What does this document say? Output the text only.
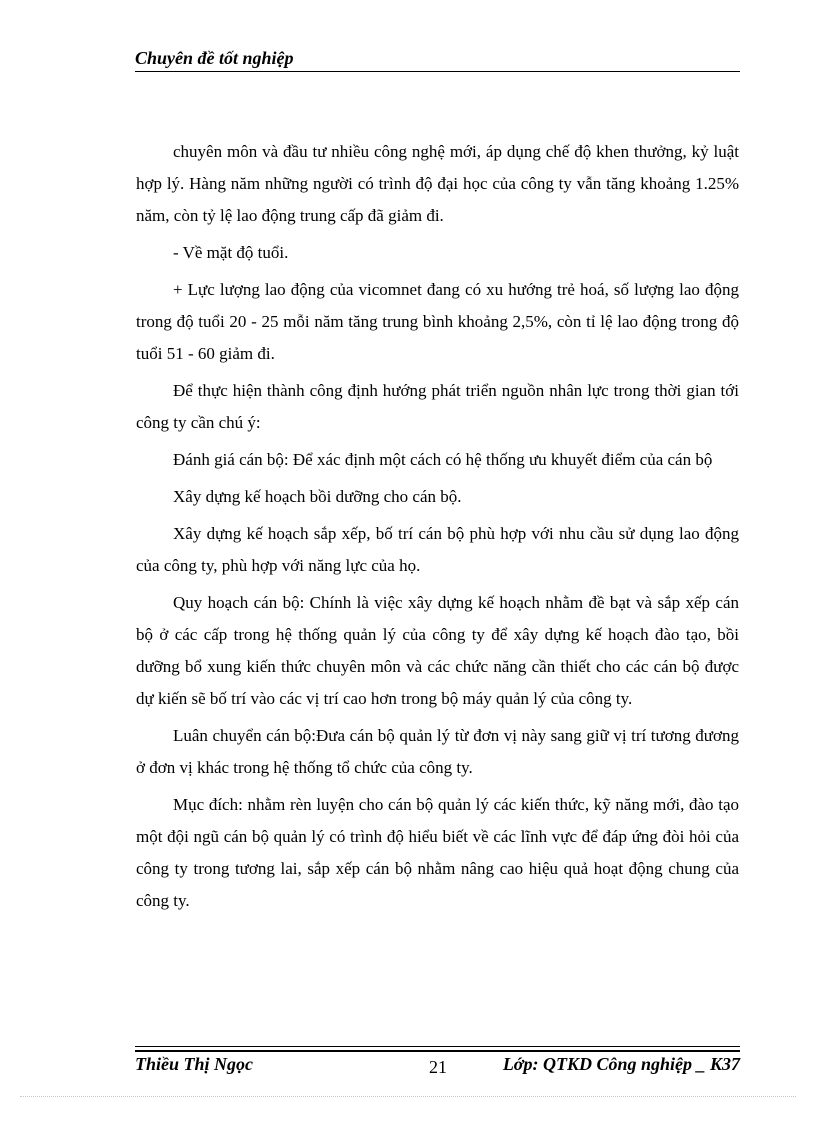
Chuyên đề tốt nghiệp

chuyên môn và đầu tư nhiều công nghệ mới, áp dụng chế độ khen thưởng, kỷ luật hợp lý. Hàng năm những người có trình độ đại học của công ty vẫn tăng khoảng 1.25% năm, còn tỷ lệ lao động trung cấp đã giảm đi.

- Về mặt độ tuổi.

+ Lực lượng lao động của vicomnet đang có xu hướng trẻ hoá, số lượng lao động trong độ tuổi 20 - 25 mỗi năm tăng trung bình khoảng 2,5%, còn tỉ lệ lao động trong độ tuổi 51 - 60 giảm đi.

Để thực hiện thành công định hướng phát triển nguồn nhân lực trong thời gian tới công ty cần chú ý:

Đánh giá cán bộ: Để xác định một cách có hệ thống ưu khuyết điểm của cán bộ

Xây dựng kế hoạch bồi dưỡng cho cán bộ.

Xây dựng kế hoạch sắp xếp, bố trí cán bộ phù hợp với nhu cầu sử dụng lao động của công ty, phù hợp với năng lực của họ.

Quy hoạch cán bộ: Chính là việc xây dựng kế hoạch nhằm đề bạt và sắp xếp cán bộ ở các cấp trong hệ thống quản lý của công ty để xây dựng kế hoạch đào tạo, bồi dưỡng bổ xung kiến thức chuyên môn và các chức năng cần thiết cho các cán bộ được dự kiến sẽ bố trí vào các vị trí cao hơn trong bộ máy quản lý của công ty.

Luân chuyển cán bộ:Đưa cán bộ quản lý từ đơn vị này sang giữ vị trí tương đương ở đơn vị khác trong hệ thống tổ chức của công ty.

Mục đích: nhằm rèn luyện cho cán bộ quản lý các kiến thức, kỹ năng mới, đào tạo một đội ngũ cán bộ quản lý có trình độ hiểu biết về các lĩnh vực để đáp ứng đòi hỏi của công ty trong tương lai, sắp xếp cán bộ nhằm nâng cao hiệu quả hoạt động chung của công ty.

Thiều Thị Ngọc	21	Lớp: QTKD Công nghiệp _ K37
